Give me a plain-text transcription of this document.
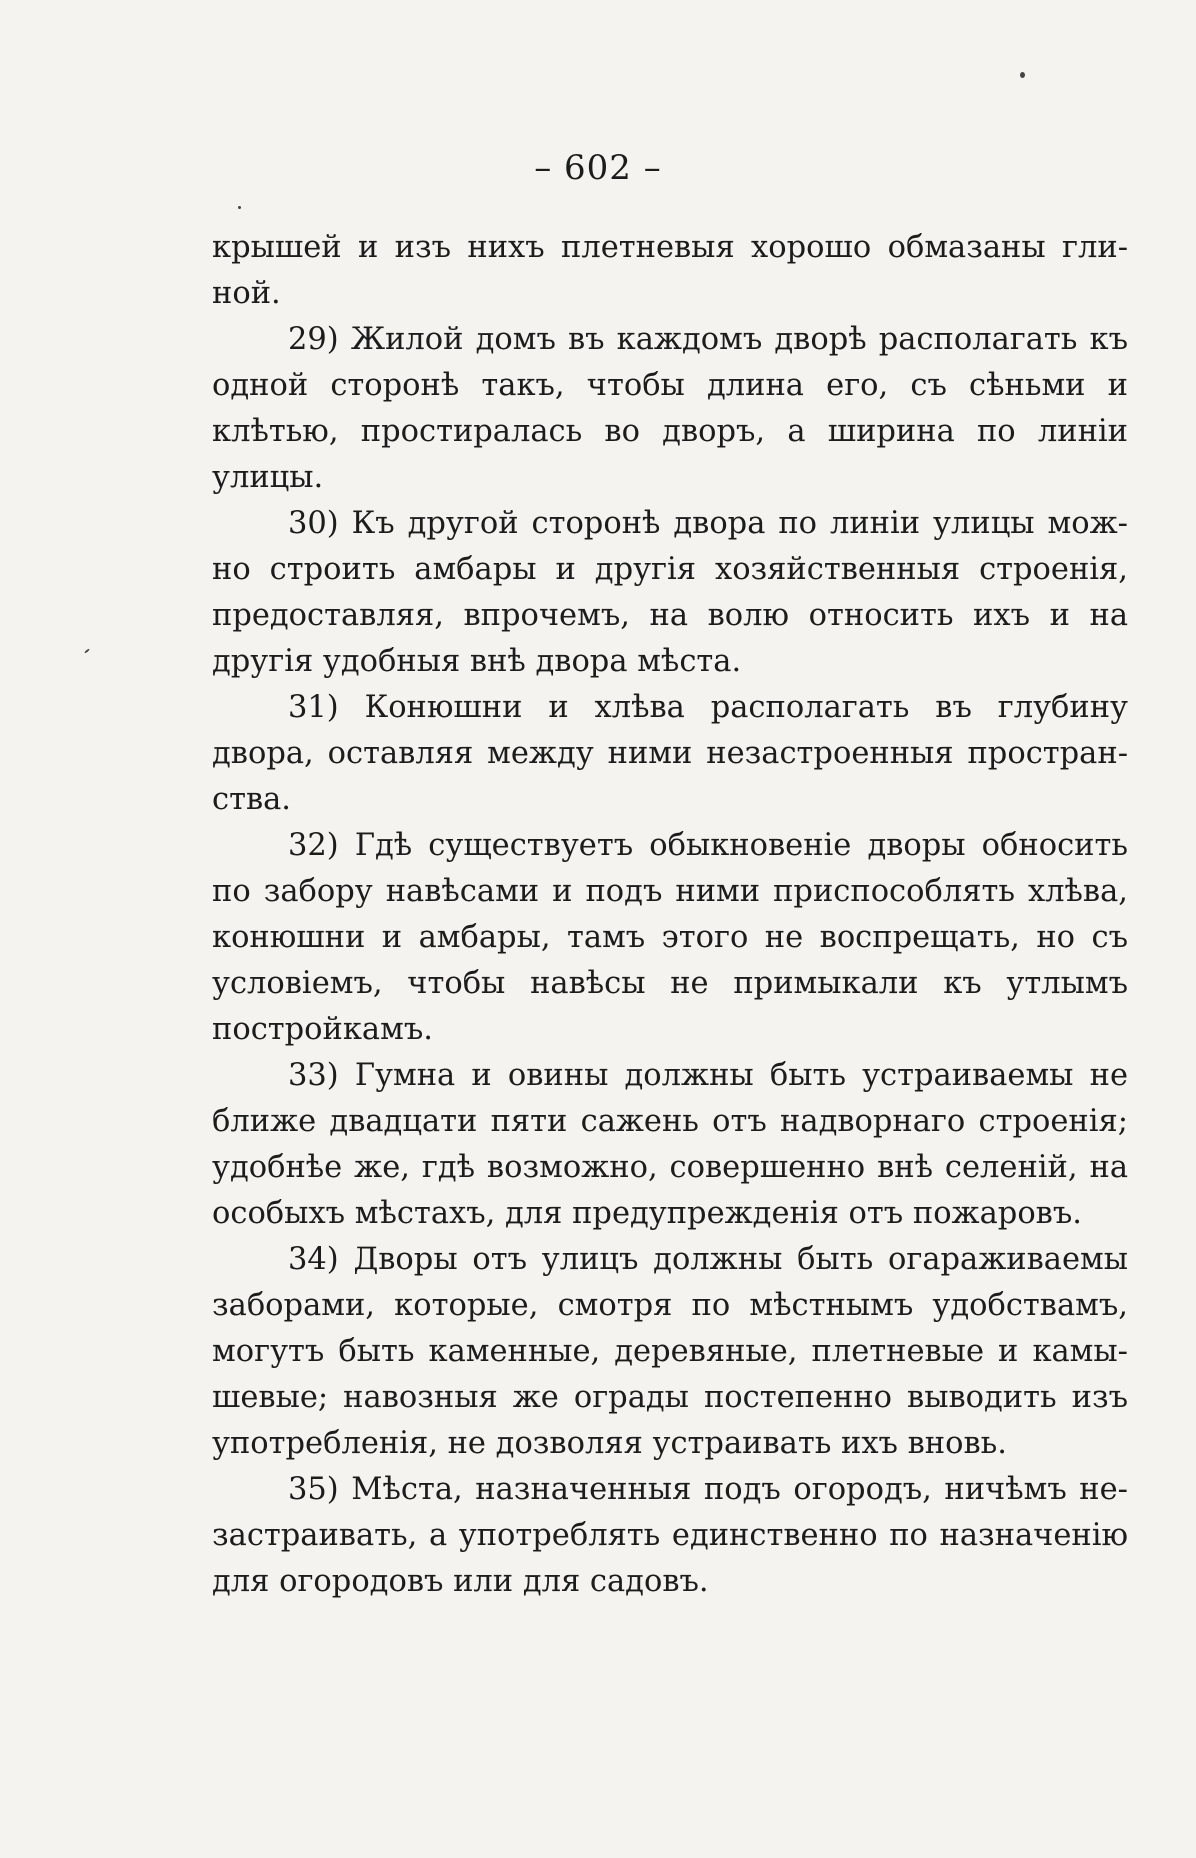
– 602 –
крышей и изъ нихъ плетневыя хорошо обмазаны гли-
ной.
29) Жилой домъ въ каждомъ дворѣ располагать къ
одной сторонѣ такъ, чтобы длина его, съ сѣньми и
клѣтью, простиралась во дворъ, а ширина по линіи
улицы.
30) Къ другой сторонѣ двора по линіи улицы мож-
но строить амбары и другія хозяйственныя строенія,
предоставляя, впрочемъ, на волю относить ихъ и на
другія удобныя внѣ двора мѣста.
31) Конюшни и хлѣва располагать въ глубину
двора, оставляя между ними незастроенныя простран-
ства.
32) Гдѣ существуетъ обыкновеніе дворы обносить
по забору навѣсами и подъ ними приспособлять хлѣва,
конюшни и амбары, тамъ этого не воспрещать, но съ
условіемъ, чтобы навѣсы не примыкали къ утлымъ
постройкамъ.
33) Гумна и овины должны быть устраиваемы не
ближе двадцати пяти сажень отъ надворнаго строенія;
удобнѣе же, гдѣ возможно, совершенно внѣ селеній, на
особыхъ мѣстахъ, для предупрежденія отъ пожаровъ.
34) Дворы отъ улицъ должны быть огараживаемы
заборами, которые, смотря по мѣстнымъ удобствамъ,
могутъ быть каменные, деревяные, плетневые и камы-
шевые; навозныя же ограды постепенно выводить изъ
употребленія, не дозволяя устраивать ихъ вновь.
35) Мѣста, назначенныя подъ огородъ, ничѣмъ не-
застраивать, а употреблять единственно по назначенію
для огородовъ или для садовъ.
